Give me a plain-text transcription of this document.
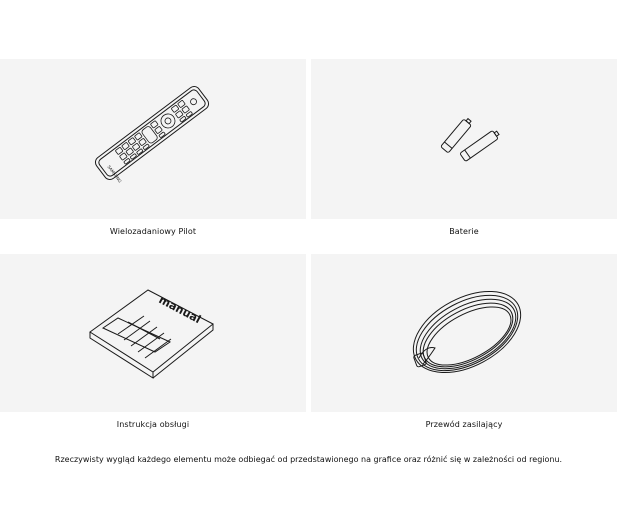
SAMSUNG
Wielozadaniowy Pilot	Baterie
manual
Instrukcja obsługi	Przewód zasilający
Rzeczywisty wygląd każdego elementu może odbiegać od przedstawionego na grafice oraz różnić się w zależności od regionu.
